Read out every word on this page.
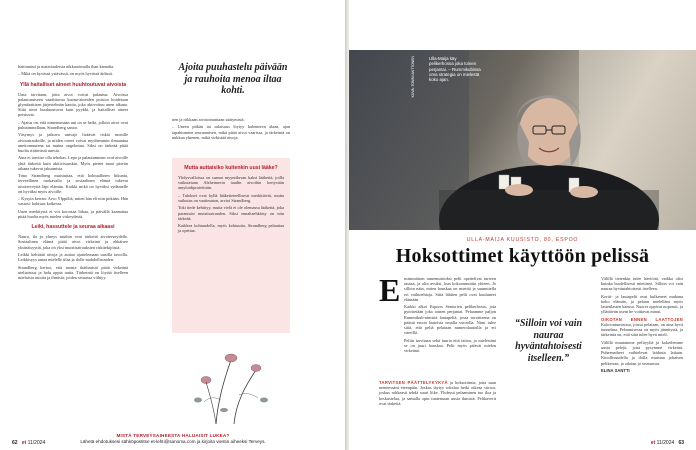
hättömästi ja materiaaleista nikkaroimalla ihan kamalia.

– Mikä on hyvässä ystävässä, on myös hyvässä äidissä.

Yllä haitalliset aineet huuhtoutuvat aivoista

Unta tarvitaan, jotta aivot voivat palautua. Aivoissa palautumiseen vaadittavaa kuona-aineiden poistoa hoidetaan glymfaattisen järjestelmän kautta, joka aktivoituu unen aikana. Siitä aivot huuhtoutuvat kuin pyykki, ja haitalliset aineet poistuvat.

– Ajatus on, että nimenomaan uni on se hetki, jolloin aivot ovat puhtaimmillaan, Strandberg sanoo.

Väsymys ja jatkuva univaje lisäävät riskiä monille aivosairauksille, ja niiden oireet voivat myöhemmin ilmaantua unettomuutena tai muina ongelmina. Siksi on tärkeää pitää huolta riittävästä unesta.

Aina ei tarvitse olla tehokas. Lepo ja palautuminen ovat aivoille yhtä tärkeitä kuin aktiivisuuskin. Myös pienet tauot päivän aikana tukevat jaksamista.

Timo Strandberg muistuttaa, että kohtuullinen liikunta, terveellinen ruokavalio ja sosiaalinen elämä tukevat aivoterveyttä läpi elämän. Kaikki mikä on hyväksi sydämelle on hyväksi myös aivoille.

– Kysyin kerran: Arvo Ylppöltä, miten hän eli niin pitkään. Hän vastasi: kohtuus kaikessa.

Unen merkitystä ei voi korostaa liikaa, ja päivällä kannattaa pitää huolta myös mielen virkeydestä.

Leiki, hassuttele ja seuraa aikaasi

Nauru, ilo ja yhteys muihin ovat tärkeitä aivoterveydelle. Sosiaalinen elämä pitää aivot virkeinä ja ehkäisee yksinäisyyttä, joka on yksi muistisairauksien riskitekijöistä.

Leikki kehittää aivoja ja auttaa ajattelemaan uusilla tavoilla. Leikkisyys antaa mielelle tilaa ja ilolle mahdollisuuden.

Strandberg kertoo, että monia ikäihmisiä pitää virkeänä uteliaisuus ja halu oppia uutta. Tärkeintä on löytää itselleen mieluisia asioita ja ihmisiä, joiden seurassa viihtyy.

Ajoita puuhastelu päivään ja rauhoita menoa iltaa kohti.

nen ja riikkaan aivotoimintaan säätymistä.

– Uneen pitkän tai salaisuus löytyy kalenteren alaan, ajan tapahtumien seuraamisen, mikä pitää aivot vaarissa, ja tärkeintä on nukkua yhtenen, mikä virkistää aivoja.

Mutta auttaisiko kuitenkin uusi lääke?

Yhdysvalloissa on saanut myyntiluvan kaksi lääkettä, joilla vaikutetaan Alzheimerin taudin aivoihin kertyvään amyloidiproteiiniin.

– Tulokset ovat kyllä lääketieteellisesti merkittäviä, mutta vaikutus on vaatimaton, arvioi Strandberg.

Toki tiede kehittyy, mutta vielä ei ole olemassa lääkettä, joka parantaisi muistisairauden. Siksi ennaltaehkäisy on niin tärkeää.

Kaikkea kohtuudella, myös kohtuutta, Strandberg palauttaa ja opettaa.

MISTÄ TERVEYSAIHEESTA HALUAISIT LUKEA?
Lähetä ehdotuksesi sähköpostitse et-lehti@sanoma.com ja kirjoita viestin aiheeksi Terveys.
62 et 11/2024
KUVA: TOMMI ANTTONEN	Ulla-Maija käy pelikerhossa joka toinen perjantai. – Rummikubissa oma strategia on mielestä koko ajan.
ULLA-MAIJA KUUSISTO, 80, ESPOO
Hoksottimet käyttöön pelissä
E nsimmäisen tamemuistoksi pelit opettelivat turreen rautaa, ja olin avuksi, kun kokoonnuttiin yhteen. Jo silloin näin, miten hauskaa on miettiä ja suunnitella eri vaihtoehtoja. Siitä lähtien pelit ovat kuuluneet elämään.

Kaikki alkoi Espoon Seniorien pelikerhosta, jota pyöritetään joka toinen perjantai. Pelaamme paljon Rummikub-nimistä lautapeliä, jossa tavoitteena on päästä eroon laatoista omalla vuorolla. Nimi tulee siitä, että peliä pelataan numerolaatoilla ja eri väreillä.

Peliin tarvitaan sekä tuuria että taitoa, ja mielestäni se on juuri hauskaa. Pelit myös pitävät mielen virkeänä.

TARVITSEN PÄÄTTELYKYKYÄ ja hoksottimia, jotta saan meneessäni eteenpäin. Joskus täytyy odottaa hetki oikeaa siirtoa, joskus rohkeasti tehdä suuri liike. Yhdessä pelaaminen tuo iloa ja keskustelua, ja samalla opin tuntemaan uusia ihmisiä. Pelikaverit ovat tärkeitä.

“Silloin voi vain nauraa hyväntahtoisesti itselleen.”

Välillä tietenkin tulee häviöitä, vaikka olisi kuinka huolellisesti miettinyt. Silloin voi vain nauraa hyväntahtoisesti itselleen.

Kortti- ja lautapelit ovat kulkeneet mukana koko elämän, ja pelaan mielelläni myös lastenlasten kanssa. Nuoret oppivat nopeasti, ja yllättävän usein he voittavat minut.

OIKOTAN ENNEN LAATTOJEN Kokoontumisissa, joissa pelataan, on aina hyvä tunnelma. Pelaamisessa on myös jännitystä, ja tärkeintä on, että siitä tulee hyvä mieli.

Välillä muutamme pelityyliä ja kokeilemme uusia pelejä, jotta pysymme virkeinä. Puheenaiheet vaihtelevat laidasta laitaan. Kiitollisuudella ja ilolla muistan jokaisen pelikerran, ja odotan jo seuraavaa.

ELINA SANTTI

et 11/2024 63
